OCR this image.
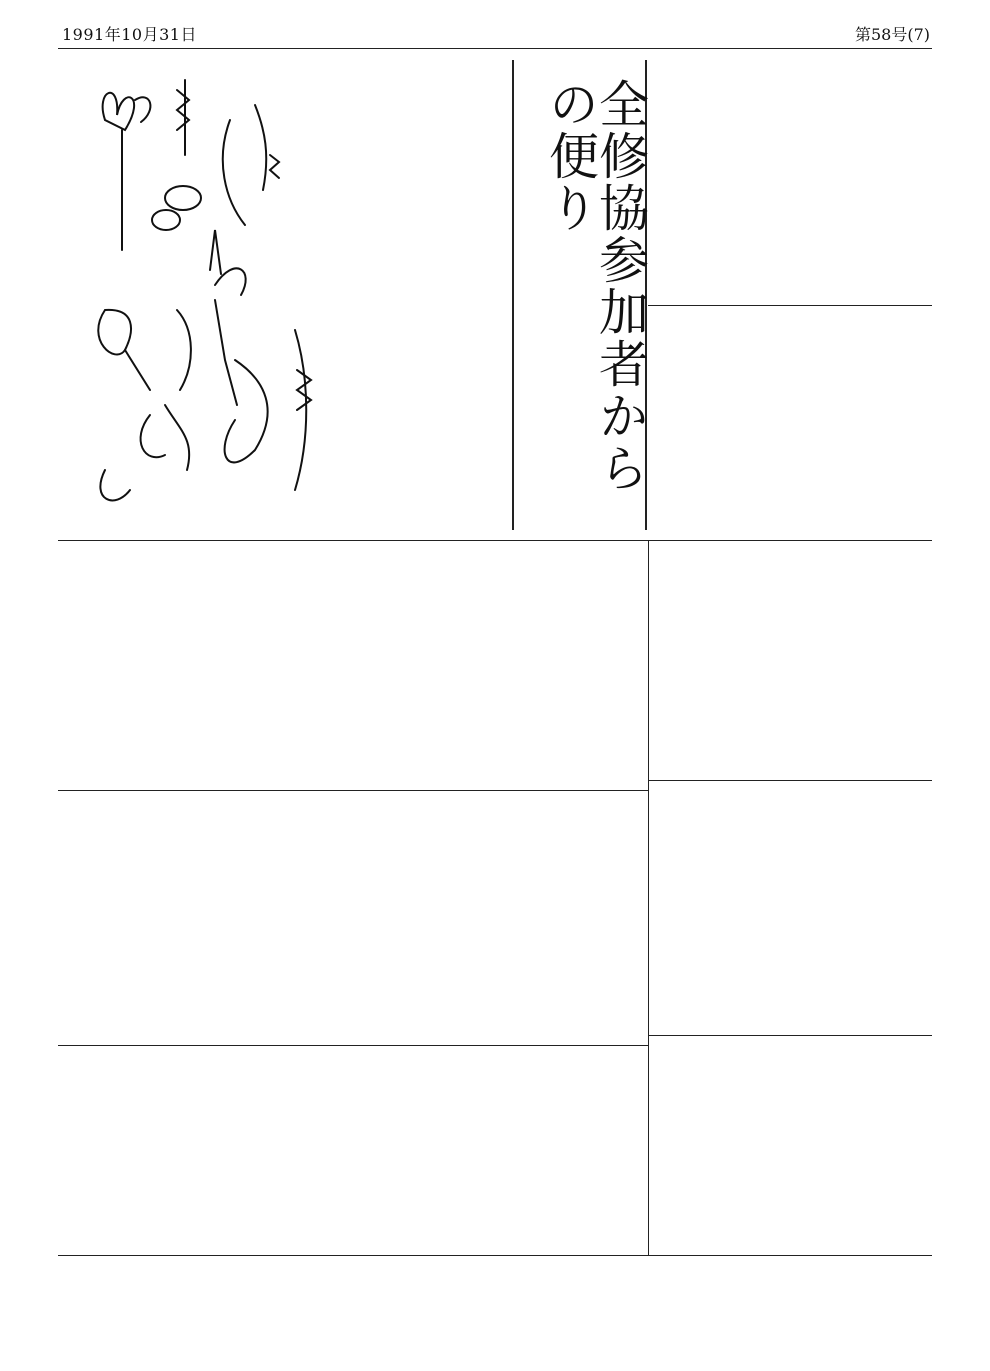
1991年10月31日	第58号(7)
全修協参加者からの便り
